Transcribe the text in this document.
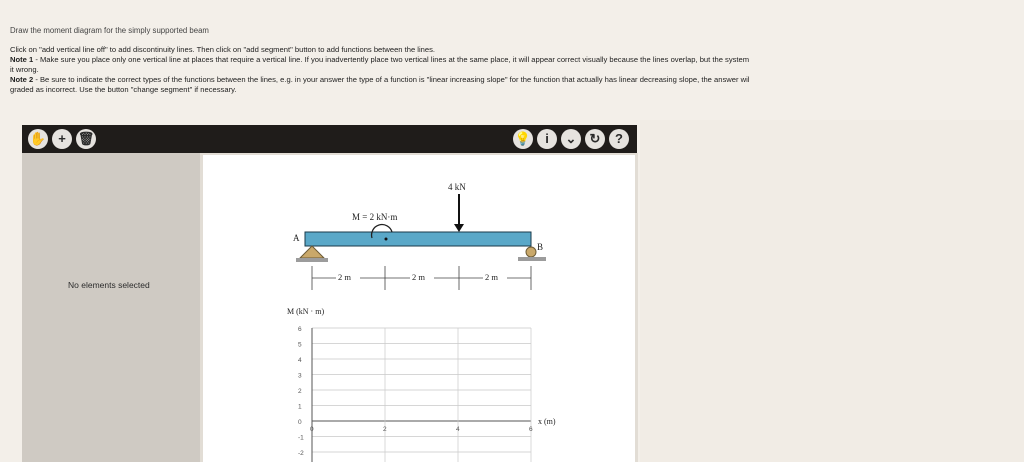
Draw the moment diagram for the simply supported beam
Click on "add vertical line off" to add discontinuity lines. Then click on "add segment" button to add functions between the lines.
Note 1 - Make sure you place only one vertical line at places that require a vertical line. If you inadvertently place two vertical lines at the same place, it will appear correct visually because the lines overlap, but the system
it wrong.
Note 2 - Be sure to indicate the correct types of the functions between the lines, e.g. in your answer the type of a function is "linear increasing slope" for the function that actually has linear decreasing slope, the answer wil
graded as incorrect. Use the button "change segment" if necessary.
✋ + 🗑	💡	i	⌄	↻	?
No elements selected
4 kN
M = 2 kN·m
A
B
2 m	2 m	2 m
M (kN · m)
6
5
4
3
2
1
0
-1
-2
0	2	4	6
x (m)
